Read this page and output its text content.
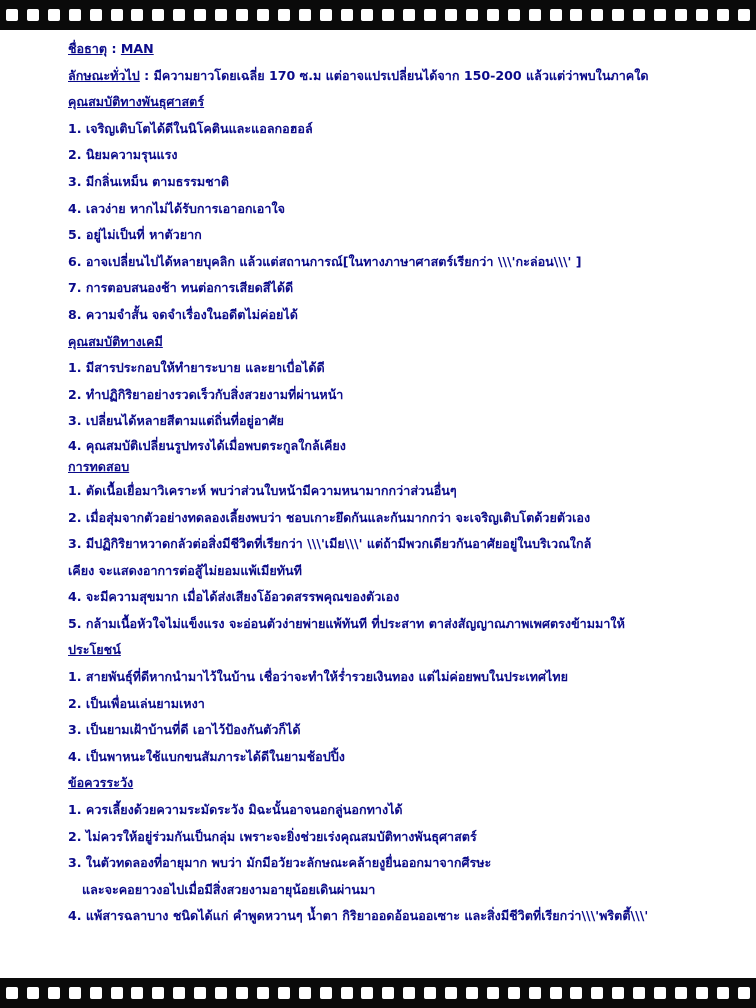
ชื่อธาตุ : MAN
ลักษณะทั่วไป : มีความยาวโดยเฉลี่ย 170 ซ.ม แต่อาจแปรเปลี่ยนได้จาก 150-200 แล้วแต่ว่าพบในภาคใด
คุณสมบัติทางพันธุศาสตร์
1. เจริญเติบโตได้ดีในนิโคตินและแอลกอฮอล์
2. นิยมความรุนแรง
3. มีกลิ่นเหม็น ตามธรรมชาติ
4. เลวง่าย หากไม่ได้รับการเอาอกเอาใจ
5. อยู่ไม่เป็นที่ หาตัวยาก
6. อาจเปลี่ยนไปได้หลายบุคลิก แล้วแต่สถานการณ์[ในทางภาษาศาสตร์เรียกว่า \\\'กะล่อน\\\' ]
7. การตอบสนองช้า ทนต่อการเสียดสีได้ดี
8. ความจำสั้น จดจำเรื่องในอดีตไม่ค่อยได้
คุณสมบัติทางเคมี
1. มีสารประกอบให้ทำยาระบาย และยาเบื่อได้ดี
2. ทำปฏิกิริยาอย่างรวดเร็วกับสิ่งสวยงามที่ผ่านหน้า
3. เปลี่ยนได้หลายสีตามแต่ถิ่นที่อยู่อาศัย
4. คุณสมบัติเปลี่ยนรูปทรงได้เมื่อพบตระกูลใกล้เคียง
การทดสอบ
1. ตัดเนื้อเยื่อมาวิเคราะห์ พบว่าส่วนใบหน้ามีความหนามากกว่าส่วนอื่นๆ
2. เมื่อสุ่มจากตัวอย่างทดลองเลี้ยงพบว่า ชอบเกาะยึดกันและกันมากกว่า จะเจริญเติบโตด้วยตัวเอง
3. มีปฏิกิริยาหวาดกลัวต่อสิ่งมีชีวิตที่เรียกว่า \\\'เมีย\\\' แต่ถ้ามีพวกเดียวกันอาศัยอยู่ในบริเวณใกล้
เคียง จะแสดงอาการต่อสู้ไม่ยอมแพ้เมียทันที
4. จะมีความสุขมาก เมื่อได้ส่งเสียงโอ้อวดสรรพคุณของตัวเอง
5. กล้ามเนื้อหัวใจไม่แข็งแรง จะอ่อนตัวง่ายพ่ายแพ้ทันที ที่ประสาท ตาส่งสัญญาณภาพเพศตรงข้ามมาให้
ประโยชน์
1. สายพันธุ์ที่ดีหากนำมาไว้ในบ้าน เชื่อว่าจะทำให้ร่ำรวยเงินทอง แต่ไม่ค่อยพบในประเทศไทย
2. เป็นเพื่อนเล่นยามเหงา
3. เป็นยามเฝ้าบ้านที่ดี เอาไว้ป้องกันตัวก็ได้
4. เป็นพาหนะใช้แบกขนสัมภาระได้ดีในยามช้อปปิ้ง
ข้อควรระวัง
1. ควรเลี้ยงด้วยความระมัดระวัง มิฉะนั้นอาจนอกลู่นอกทางได้
2. ไม่ควรให้อยู่ร่วมกันเป็นกลุ่ม เพราะจะยิ่งช่วยเร่งคุณสมบัติทางพันธุศาสตร์
3. ในตัวทดลองที่อายุมาก พบว่า มักมีอวัยวะลักษณะคล้ายงูยื่นออกมาจากศีรษะ
และจะคอยาวงอไปเมื่อมีสิ่งสวยงามอายุน้อยเดินผ่านมา
4. แพ้สารฉลาบาง ชนิดได้แก่ คำพูดหวานๆ น้ำตา กิริยาออดอ้อนออเซาะ และสิ่งมีชีวิตที่เรียกว่า\\\'พริตตี้\\\'
